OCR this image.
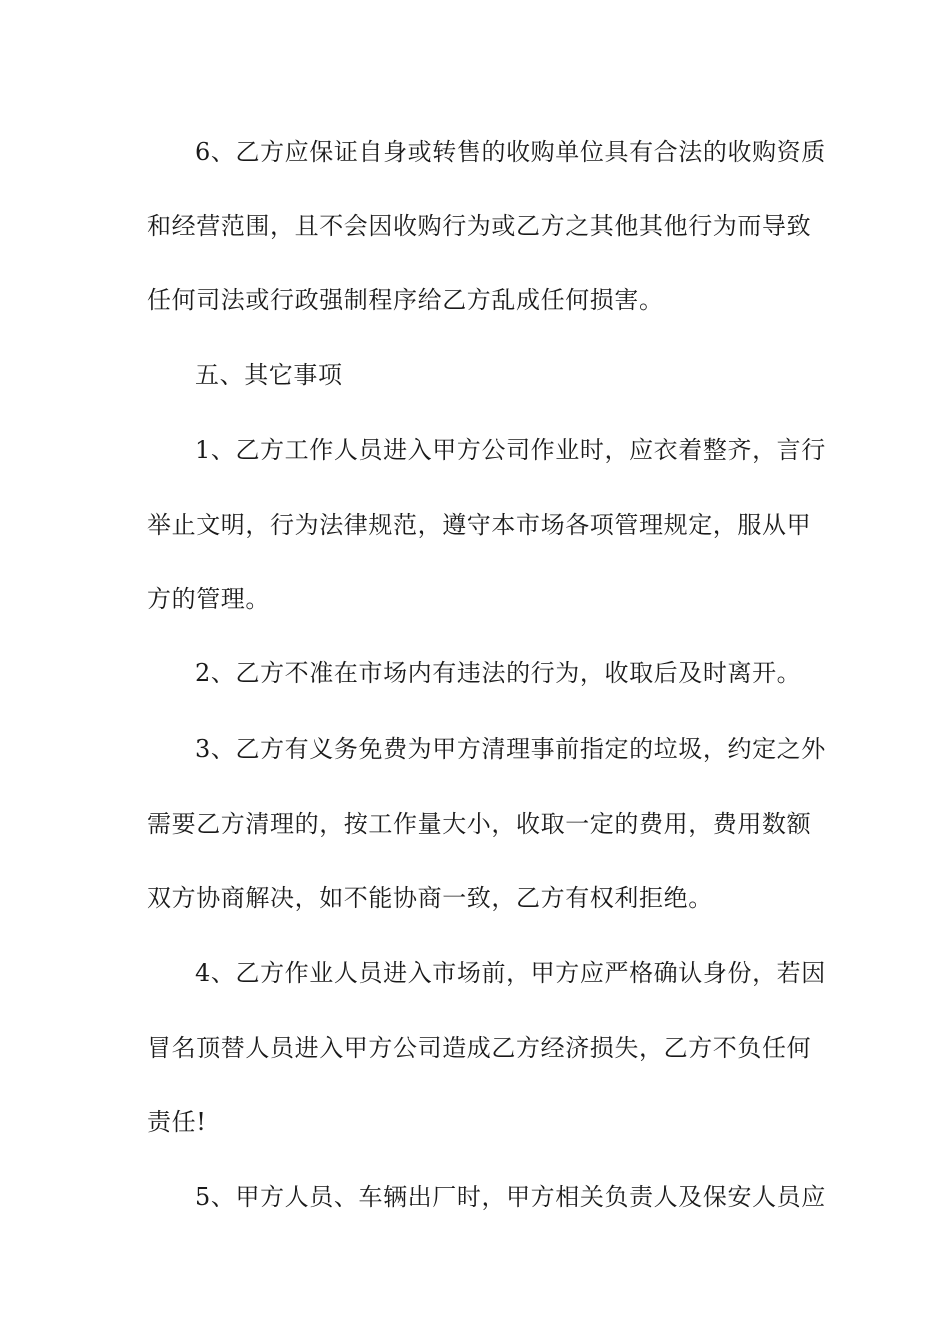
6、乙方应保证自身或转售的收购单位具有合法的收购资质
和经营范围，且不会因收购行为或乙方之其他其他行为而导致
任何司法或行政强制程序给乙方乱成任何损害。
五、其它事项
1、乙方工作人员进入甲方公司作业时，应衣着整齐，言行
举止文明，行为法律规范，遵守本市场各项管理规定，服从甲
方的管理。
2、乙方不准在市场内有违法的行为，收取后及时离开。
3、乙方有义务免费为甲方清理事前指定的垃圾，约定之外
需要乙方清理的，按工作量大小，收取一定的费用，费用数额
双方协商解决，如不能协商一致，乙方有权利拒绝。
4、乙方作业人员进入市场前，甲方应严格确认身份，若因
冒名顶替人员进入甲方公司造成乙方经济损失，乙方不负任何
责任!
5、甲方人员、车辆出厂时，甲方相关负责人及保安人员应
